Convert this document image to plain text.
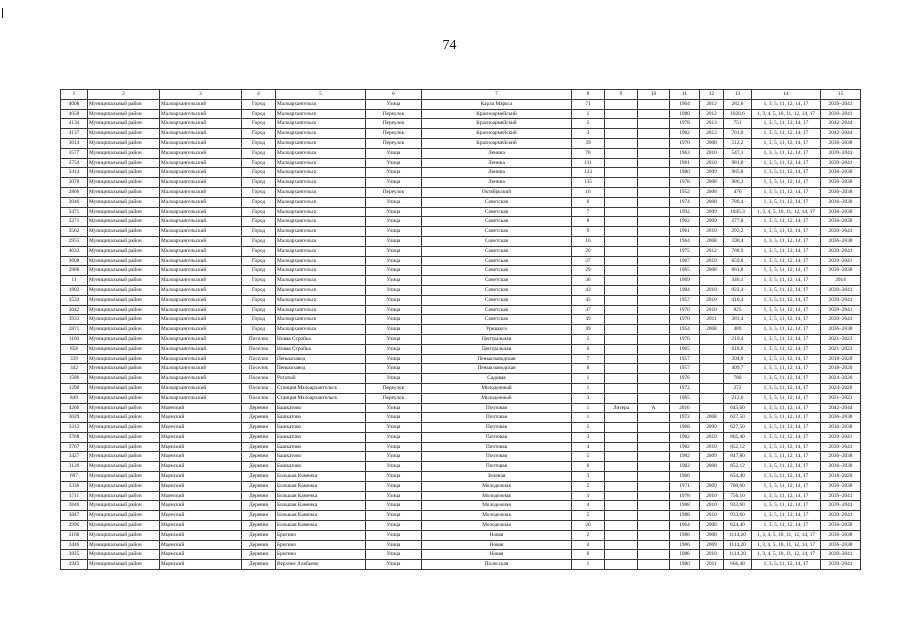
74
1	2	3	4	5	6	7	8	9	10	11	12	13	14	15
4008	Муниципальный район	Малоархангельский	Город	Малоархангельск	Улица	Карла Маркса	71			1964	2012	282,6	1, 3, 5, 11, 12, 14, 17	2039–2041
4058	Муниципальный район	Малоархангельский	Город	Малоархангельск	Переулок	Красноармейский	1			1988	2012	1020,6	1, 3, 4, 5, 10, 11, 12, 14, 17	2039–2041
4134	Муниципальный район	Малоархангельский	Город	Малоархангельск	Переулок	Красноармейский	2			1978	2013	751	1, 3, 5, 11, 12, 14, 17	2042–2044
4137	Муниципальный район	Малоархангельский	Город	Малоархангельск	Переулок	Красноармейский	3			1982	2013	761,8	1, 3, 5, 11, 12, 14, 17	2042–2044
3014	Муниципальный район	Малоархангельский	Город	Малоархангельск	Переулок	Красноармейский	39			1970	2008	512,2	1, 3, 5, 11, 12, 14, 17	2036–2038
3577	Муниципальный район	Малоархангельский	Город	Малоархангельск	Улица	Ленина	78			1963	2010	547,1	1, 3, 5, 11, 12, 14, 17	2039–2041
3754	Муниципальный район	Малоархангельский	Город	Малоархангельск	Улица	Ленина	131			1981	2010	981,8	1, 3, 5, 11, 12, 14, 17	2039–2041
3414	Муниципальный район	Малоархангельский	Город	Малоархангельск	Улица	Ленина	133			1980	2009	985,8	1, 3, 5, 11, 12, 14, 17	2036–2038
3070	Муниципальный район	Малоархангельский	Город	Малоархангельск	Улица	Ленина	135			1978	2008	986,2	1, 3, 5, 11, 12, 14, 17	2036–2038
2866	Муниципальный район	Малоархангельский	Город	Малоархангельск	Переулок	Октябрьский	16			1952	2008	476	1, 3, 5, 11, 12, 14, 17	2036–2038
3046	Муниципальный район	Малоархангельский	Город	Малоархангельск	Улица	Советская	6			1974	2008	786,4	1, 3, 5, 11, 12, 14, 17	2036–2038
3471	Муниципальный район	Малоархангельский	Город	Малоархангельск	Улица	Советская	7			1992	2009	1845,3	1, 3, 4, 5, 10, 11, 12, 14, 17	2036–2038
3271	Муниципальный район	Малоархангельский	Город	Малоархангельск	Улица	Советская	8			1962	2009	277,8	1, 3, 5, 11, 12, 14, 17	2036–2038
3562	Муниципальный район	Малоархангельский	Город	Малоархангельск	Улица	Советская	9			1961	2010	293,2	1, 3, 5, 11, 12, 14, 17	2039–2041
2955	Муниципальный район	Малоархангельский	Город	Малоархангельск	Улица	Советская	16			1964	2008	590,4	1, 3, 5, 11, 12, 14, 17	2036–2038
4033	Муниципальный район	Малоархангельский	Город	Малоархангельск	Улица	Советская	20			1975	2012	768,9	1, 3, 5, 11, 12, 14, 17	2039–2041
3608	Муниципальный район	Малоархангельский	Город	Малоархангельск	Улица	Советская	27			1967	2010	659,8	1, 3, 5, 11, 12, 14, 17	2039–2041
2968	Муниципальный район	Малоархангельский	Город	Малоархангельск	Улица	Советская	29			1965	2008	661,8	1, 3, 5, 11, 12, 14, 17	2036–2038
11	Муниципальный район	Малоархангельский	Город	Малоархангельск	Улица	Советская	36			1969		346,1	1, 3, 5, 11, 12, 14, 17	2014
1802	Муниципальный район	Малоархангельский	Город	Малоархангельск	Улица	Советская	43			1984	2010	922,4	1, 3, 5, 11, 12, 14, 17	2039–2041
3532	Муниципальный район	Малоархангельский	Город	Малоархангельск	Улица	Советская	45			1957	2010	410,4	1, 3, 5, 11, 12, 14, 17	2039–2041
3642	Муниципальный район	Малоархангельский	Город	Малоархангельск	Улица	Советская	47			1970	2010	825	1, 3, 5, 11, 12, 14, 17	2039–2041
3933	Муниципальный район	Малоархангельский	Город	Малоархангельск	Улица	Советская	49			1970	2011	381,4	1, 3, 5, 11, 12, 14, 17	2039–2041
2871	Муниципальный район	Малоархангельский	Город	Малоархангельск	Улица	Урицкого	49			1954	2008	489	1, 3, 5, 11, 12, 14, 17	2036–2038
1160	Муниципальный район	Малоархангельский	Поселок	Новая Стройка	Улица	Центральная	2			1970		210,4	1, 3, 5, 11, 12, 14, 17	2021–2023
858	Муниципальный район	Малоархангельский	Поселок	Новая Стройка	Улица	Центральная	6			1965		618,6	1, 3, 5, 11, 12, 14, 17	2021–2023
339	Муниципальный район	Малоархангельский	Поселок	Пенькозавод	Улица	Пенькозаводская	7			1957		394,8	1, 3, 5, 11, 12, 14, 17	2018–2020
342	Муниципальный район	Малоархангельский	Поселок	Пенькозавод	Улица	Пенькозаводская	8			1957		409,7	1, 3, 5, 11, 12, 14, 17	2018–2020
1586	Муниципальный район	Малоархангельский	Поселок	Рогатый	Улица	Садовая	1			1976		780	1, 3, 5, 11, 12, 14, 17	2024–2026
1290	Муниципальный район	Малоархангельский	Поселок	Станция Малоархангельск	Переулок	Молодежный	1			1972		272	1, 3, 5, 11, 12, 14, 17	2024–2026
849	Муниципальный район	Малоархангельский	Поселок	Станция Малоархангельск	Переулок	Молодежный	3			1965		212,6	1, 3, 5, 11, 12, 14, 17	2021–2023
4266	Муниципальный район	Мценский	Деревня	Башкатово	Улица	Почтовая	1	Литера	А	2016		645,60	1, 3, 5, 11, 12, 14, 17	2042–2044
3029	Муниципальный район	Мценский	Деревня	Башкатово	Улица	Почтовая	1			1972	2008	627,50	1, 3, 5, 11, 12, 14, 17	2036–2038
3313	Муниципальный район	Мценский	Деревня	Башкатово	Улица	Почтовая	2			1968	2009	627,50	1, 3, 5, 11, 12, 14, 17	2036–2038
3768	Муниципальный район	Мценский	Деревня	Башкатово	Улица	Почтовая	3			1982	2010	865,40	1, 3, 5, 11, 12, 14, 17	2039–2041
3767	Муниципальный район	Мценский	Деревня	Башкатово	Улица	Почтовая	4			1982	2010	852,12	1, 3, 5, 11, 12, 14, 17	2039–2041
3427	Муниципальный район	Мценский	Деревня	Башкатово	Улица	Почтовая	5			1982	2009	847,80	1, 3, 5, 11, 12, 14, 17	2036–2038
3120	Муниципальный район	Мценский	Деревня	Башкатово	Улица	Почтовая	6			1982	2008	852,12	1, 3, 5, 11, 12, 14, 17	2036–2038
697	Муниципальный район	Мценский	Деревня	Большая Каменка	Улица	Зеленая	3			1966		654,40	1, 3, 5, 11, 12, 14, 17	2018–2020
3336	Муниципальный район	Мценский	Деревня	Большая Каменка	Улица	Молодежная	2			1971	2009	700,00	1, 3, 5, 11, 12, 14, 17	2036–2038
3711	Муниципальный район	Мценский	Деревня	Большая Каменка	Улица	Молодежная	3			1978	2010	756,10	1, 3, 5, 11, 12, 14, 17	2039–2041
3846	Муниципальный район	Мценский	Деревня	Большая Каменка	Улица	Молодежная	4			1988	2010	933,60	1, 3, 5, 11, 12, 14, 17	2039–2041
3847	Муниципальный район	Мценский	Деревня	Большая Каменка	Улица	Молодежная	5			1988	2010	933,60	1, 3, 5, 11, 12, 14, 17	2039–2041
2996	Муниципальный район	Мценский	Деревня	Большая Каменка	Улица	Молодежная	20			1964	2008	624,40	1, 3, 5, 11, 12, 14, 17	2036–2038
3168	Муниципальный район	Мценский	Деревня	Бригино	Улица	Новая	2			1986	2008	1114,20	1, 3, 4, 5, 10, 11, 12, 14, 17	2036–2038
3446	Муниципальный район	Мценский	Деревня	Бригино	Улица	Новая	4			1986	2009	1114,20	1, 3, 4, 5, 10, 11, 12, 14, 17	2036–2038
3825	Муниципальный район	Мценский	Деревня	Бригино	Улица	Новая	6			1986	2010	1114,20	1, 3, 4, 5, 10, 11, 12, 14, 17	2039–2041
3943	Муниципальный район	Мценский	Деревня	Верхнее Алябьево	Улица	Полесская	1			1980	2011	666,40	1, 3, 5, 11, 12, 14, 17	2039–2041
